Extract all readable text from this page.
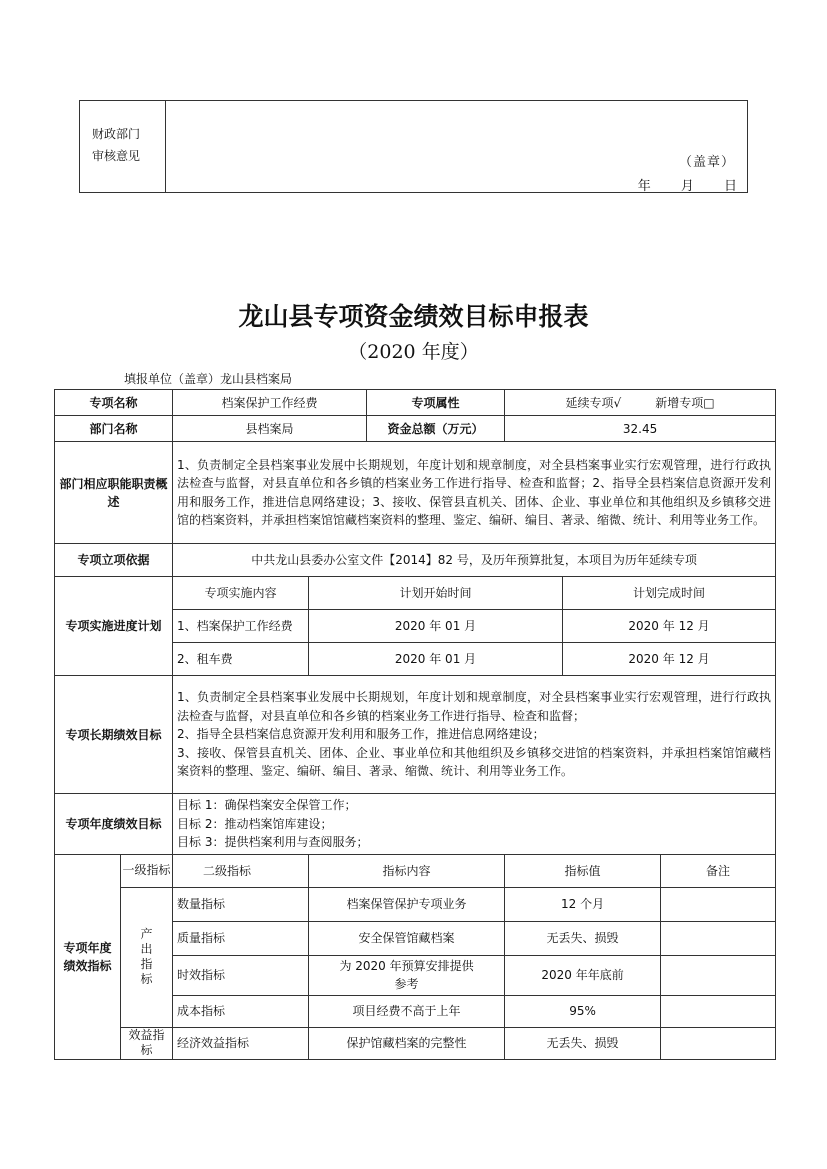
财政部门
审核意见	（盖章）
年 月 日
龙山县专项资金绩效目标申报表
（2020 年度）
填报单位（盖章）龙山县档案局
专项名称		档案保护工作经费		专项属性	延续专项√ 新增专项□		
部门名称		县档案局		资金总额（万元）	32.45		
部门相应职能职责概述		1、负责制定全县档案事业发展中长期规划，年度计划和规章制度，对全县档案事业实行宏观管理，进行行政执法检查与监督，对县直单位和各乡镇的档案业务工作进行指导、检查和监督；2、指导全县档案信息资源开发利用和服务工作，推进信息网络建设；3、接收、保管县直机关、团体、企业、事业单位和其他组织及乡镇移交进馆的档案资料，并承担档案馆馆藏档案资料的整理、鉴定、编研、编目、著录、缩微、统计、利用等业务工作。					
专项立项依据		中共龙山县委办公室文件【2014】82 号，及历年预算批复，本项目为历年延续专项					
专项实施进度计划		专项实施内容	计划开始时间			计划完成时间	
		1、档案保护工作经费	2020 年 01 月			2020 年 12 月	
		2、租车费	2020 年 01 月			2020 年 12 月	
专项长期绩效目标		1、负责制定全县档案事业发展中长期规划，年度计划和规章制度，对全县档案事业实行宏观管理，进行行政执法检查与监督，对县直单位和各乡镇的档案业务工作进行指导、检查和监督；
2、指导全县档案信息资源开发利用和服务工作，推进信息网络建设；
3、接收、保管县直机关、团体、企业、事业单位和其他组织及乡镇移交进馆的档案资料，并承担档案馆馆藏档案资料的整理、鉴定、编研、编目、著录、缩微、统计、利用等业务工作。					

专项年度绩效目标		目标 1：确保档案安全保管工作；
目标 2：推动档案馆库建设；
目标 3：提供档案利用与查阅服务；					

专项年度绩效指标	一级指标	二级指标	指标内容		指标值		备注
	产出指标	数量指标	档案保管保护专项业务		12 个月		
		质量指标	安全保管馆藏档案		无丢失、损毁		
		时效指标	为 2020 年预算安排提供参考		2020 年年底前		
		成本指标	项目经费不高于上年		95%		
	效益指标	经济效益指标	保护馆藏档案的完整性		无丢失、损毁		
